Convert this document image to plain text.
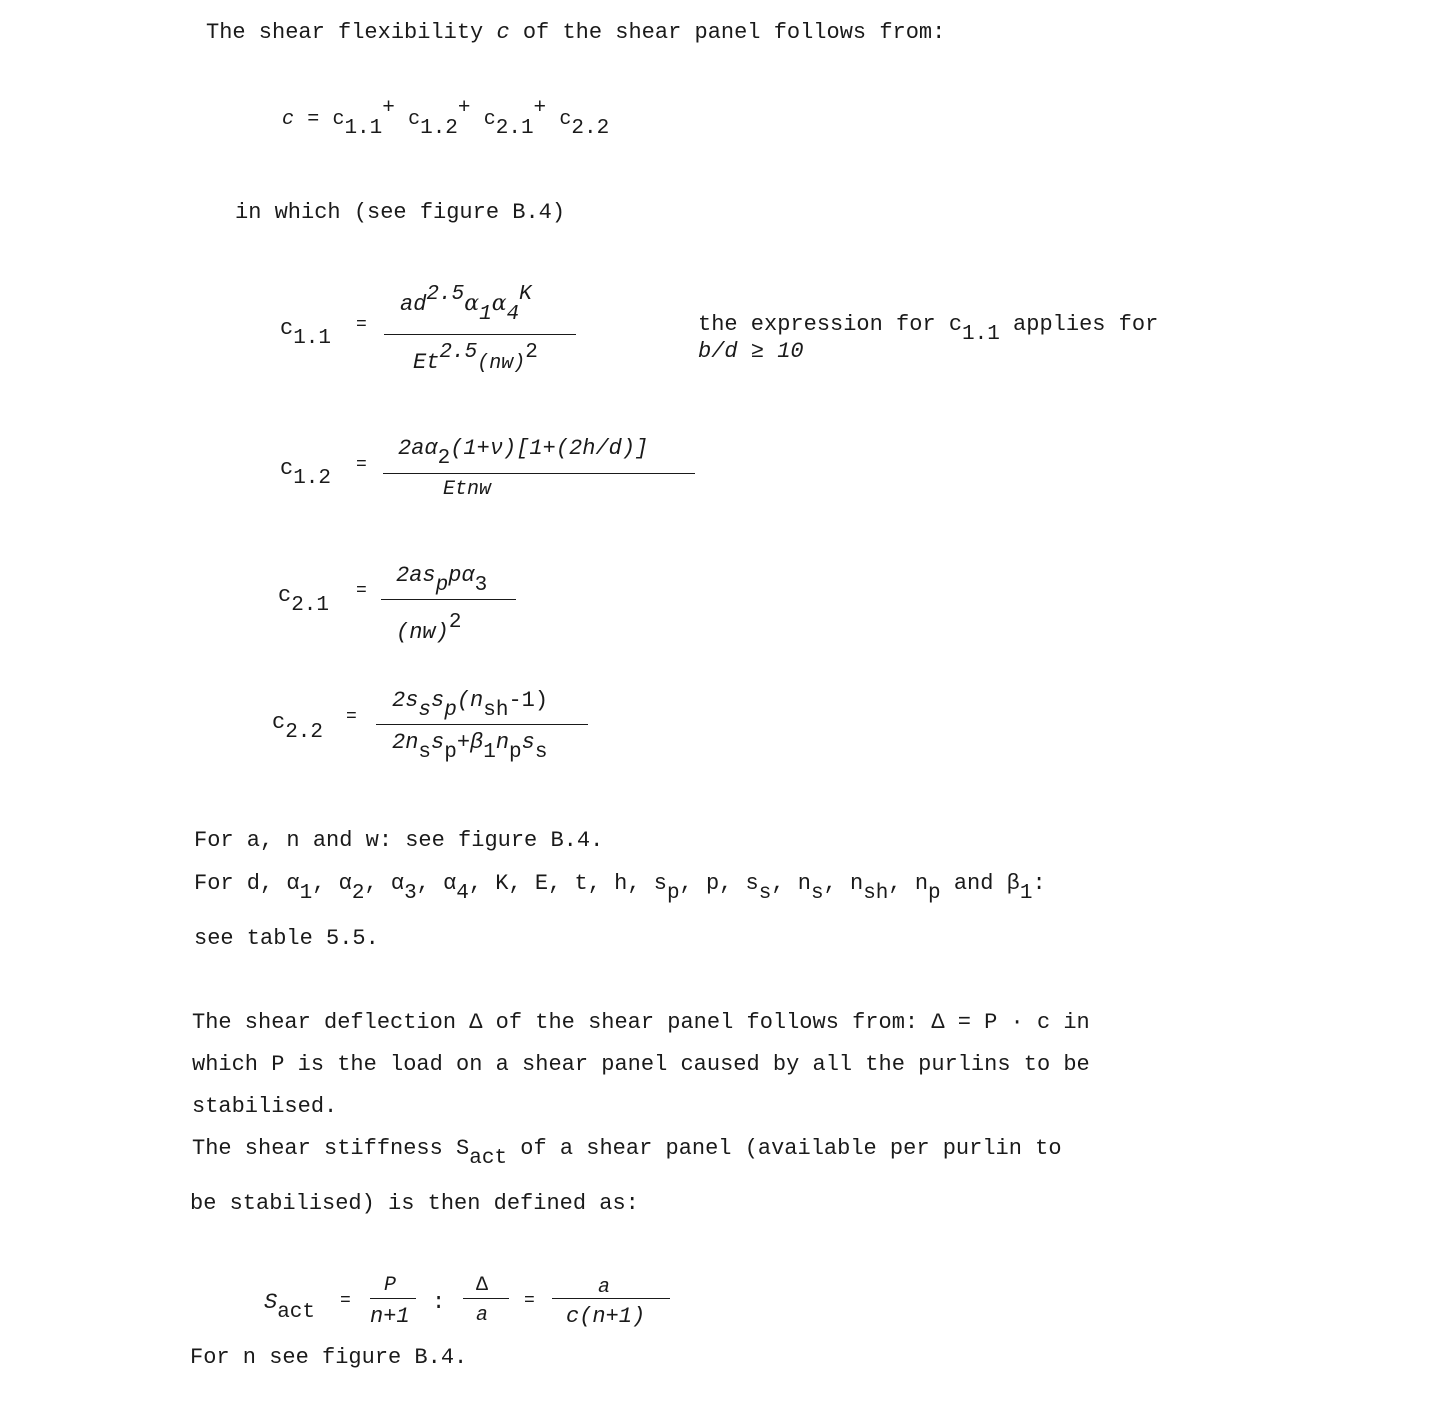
The shear flexibility c of the shear panel follows from:
c = c1.1+ c1.2+ c2.1+ c2.2
in which (see figure B.4)
c1.1
=
ad2.5α1α4K
Et2.5(nw)2
the expression for c1.1 applies for
b/d ≥ 10
c1.2
=
2aα2(1+ν)[1+(2h/d)]
Etnw
c2.1
=
2asppα3
(nw)2
c2.2
=
2sssp(nsh-1)
2nssp+β1npss
For a, n and w: see figure B.4.
For d, α1, α2, α3, α4, K, E, t, h, sp, p, ss, ns, nsh, np and β1:
see table 5.5.
The shear deflection Δ of the shear panel follows from: Δ = P · c in
which P is the load on a shear panel caused by all the purlins to be
stabilised.
The shear stiffness Sact of a shear panel (available per purlin to
be stabilised) is then defined as:
Sact =
P
n+1
:
Δ
a
=
a
c(n+1)
For n see figure B.4.
